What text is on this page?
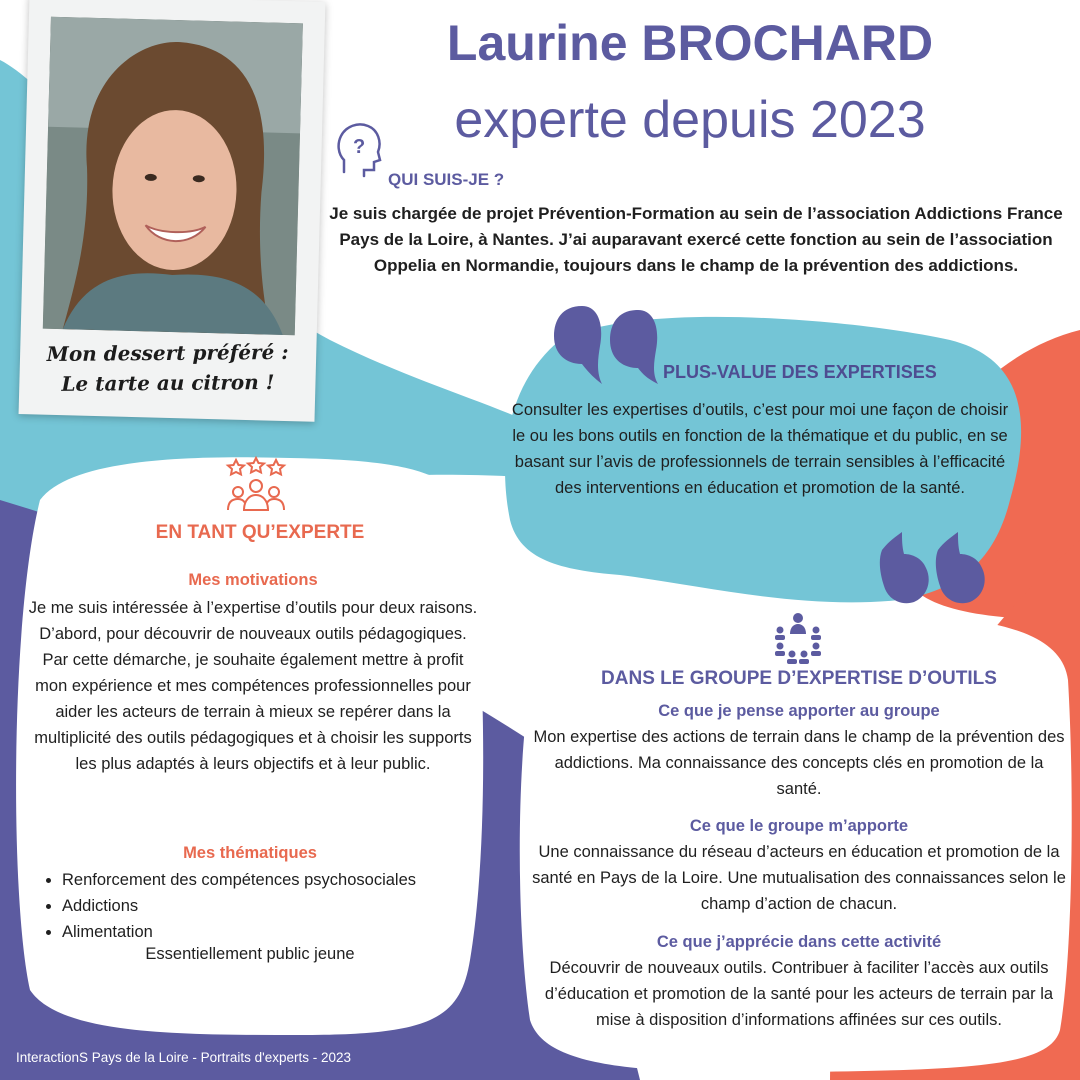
Mon dessert préféré :
Le tarte au citron !
Laurine BROCHARD
experte depuis 2023
?
QUI SUIS-JE ?
Je suis chargée de projet Prévention-Formation au sein de l’association Addictions France Pays de la Loire, à Nantes. J’ai auparavant exercé cette fonction au sein de l’association Oppelia en Normandie, toujours dans le champ de la prévention des addictions.
PLUS-VALUE DES EXPERTISES
Consulter les expertises d’outils, c’est pour moi une façon de choisir le ou les bons outils en fonction de la thématique et du public, en se basant sur l’avis de professionnels de terrain sensibles à l’efficacité des interventions en éducation et promotion de la santé.
EN TANT QU’EXPERTE
Mes motivations
Je me suis intéressée à l’expertise d’outils pour deux raisons. D’abord, pour découvrir de nouveaux outils pédagogiques. Par cette démarche, je souhaite également mettre à profit mon expérience et mes compétences professionnelles pour aider les acteurs de terrain à mieux se repérer dans la multiplicité des outils pédagogiques et à choisir les supports les plus adaptés à leurs objectifs et à leur public.
Mes thématiques
• Renforcement des compétences psychosociales
• Addictions
• Alimentation
Essentiellement public jeune
DANS LE GROUPE D’EXPERTISE D’OUTILS
Ce que je pense apporter au groupe
Mon expertise des actions de terrain dans le champ de la prévention des addictions. Ma connaissance des concepts clés en promotion de la santé.
Ce que le groupe m’apporte
Une connaissance du réseau d’acteurs en éducation et promotion de la santé en Pays de la Loire. Une mutualisation des connaissances selon le champ d’action de chacun.
Ce que j’apprécie dans cette activité
Découvrir de nouveaux outils. Contribuer à faciliter l’accès aux outils d’éducation et promotion de la santé pour les acteurs de terrain par la mise à disposition d’informations affinées sur ces outils.
InteractionS Pays de la Loire - Portraits d'experts - 2023
